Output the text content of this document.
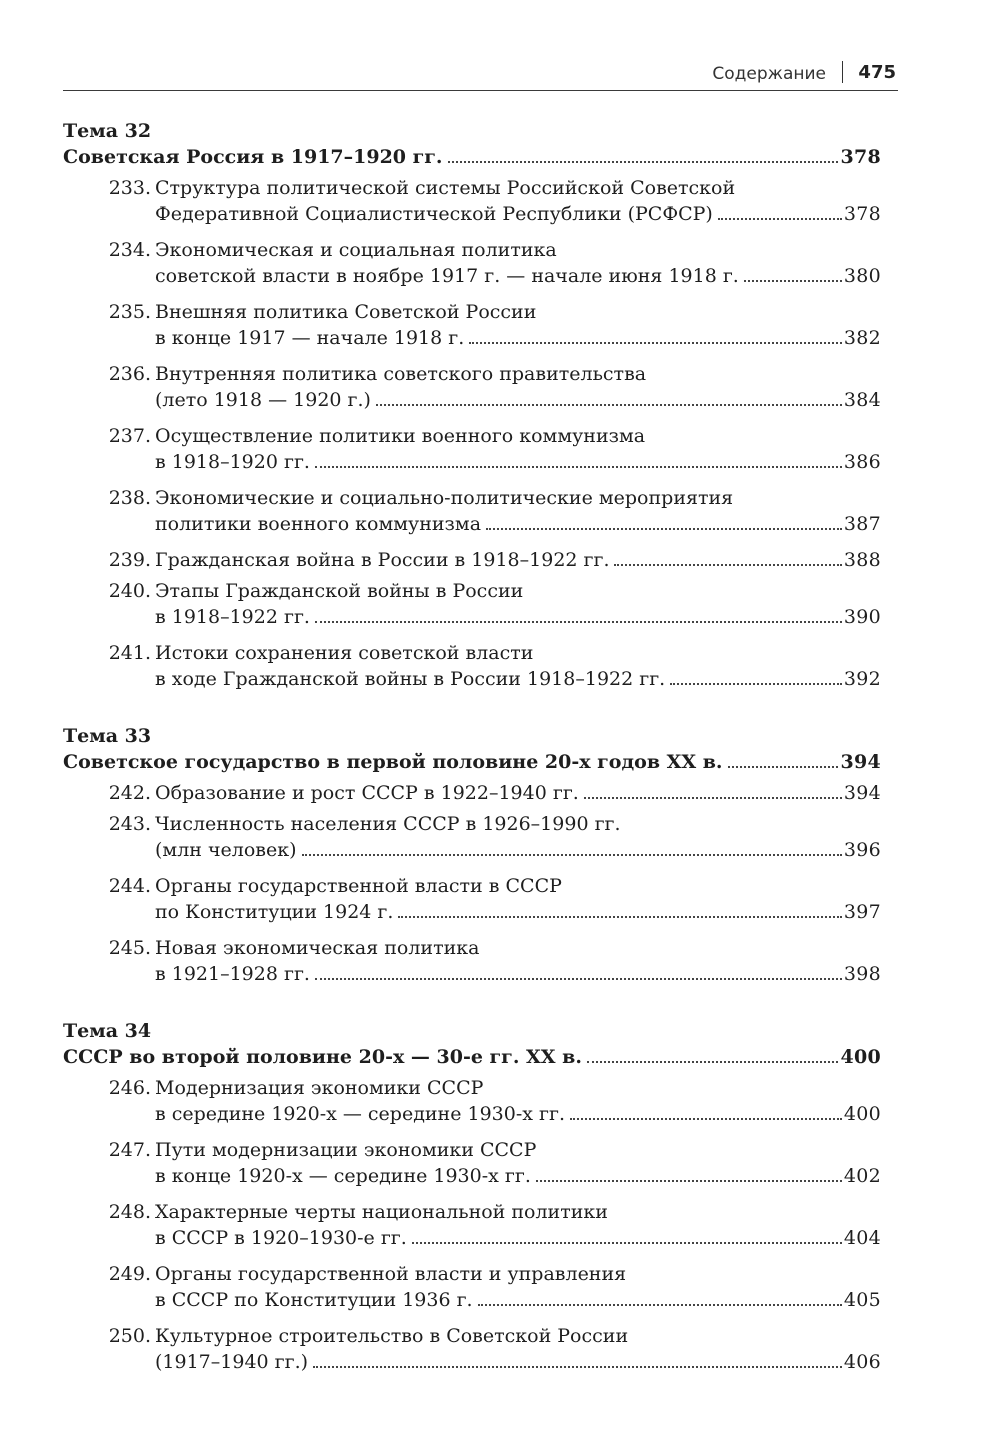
Содержание 475
Тема 32
Советская Россия в 1917–1920 гг.	378
233. Структура политической системы Российской Советской
Федеративной Социалистической Республики (РСФСР)	378
234. Экономическая и социальная политика
советской власти в ноябре 1917 г. — начале июня 1918 г.	380
235. Внешняя политика Советской России
в конце 1917 — начале 1918 г.	382
236. Внутренняя политика советского правительства
(лето 1918 — 1920 г.)	384
237. Осуществление политики военного коммунизма
в 1918–1920 гг.	386
238. Экономические и социально-политические мероприятия
политики военного коммунизма	387
239. Гражданская война в России в 1918–1922 гг.	388
240. Этапы Гражданской войны в России
в 1918–1922 гг.	390
241. Истоки сохранения советской власти
в ходе Гражданской войны в России 1918–1922 гг.	392
Тема 33
Советское государство в первой половине 20-х годов XX в.	394
242. Образование и рост СССР в 1922–1940 гг.	394
243. Численность населения СССР в 1926–1990 гг.
(млн человек)	396
244. Органы государственной власти в СССР
по Конституции 1924 г.	397
245. Новая экономическая политика
в 1921–1928 гг.	398
Тема 34
СССР во второй половине 20-х — 30-е гг. XX в.	400
246. Модернизация экономики СССР
в середине 1920-х — середине 1930-х гг.	400
247. Пути модернизации экономики СССР
в конце 1920-х — середине 1930-х гг.	402
248. Характерные черты национальной политики
в СССР в 1920–1930-е гг.	404
249. Органы государственной власти и управления
в СССР по Конституции 1936 г.	405
250. Культурное строительство в Советской России
(1917–1940 гг.)	406
